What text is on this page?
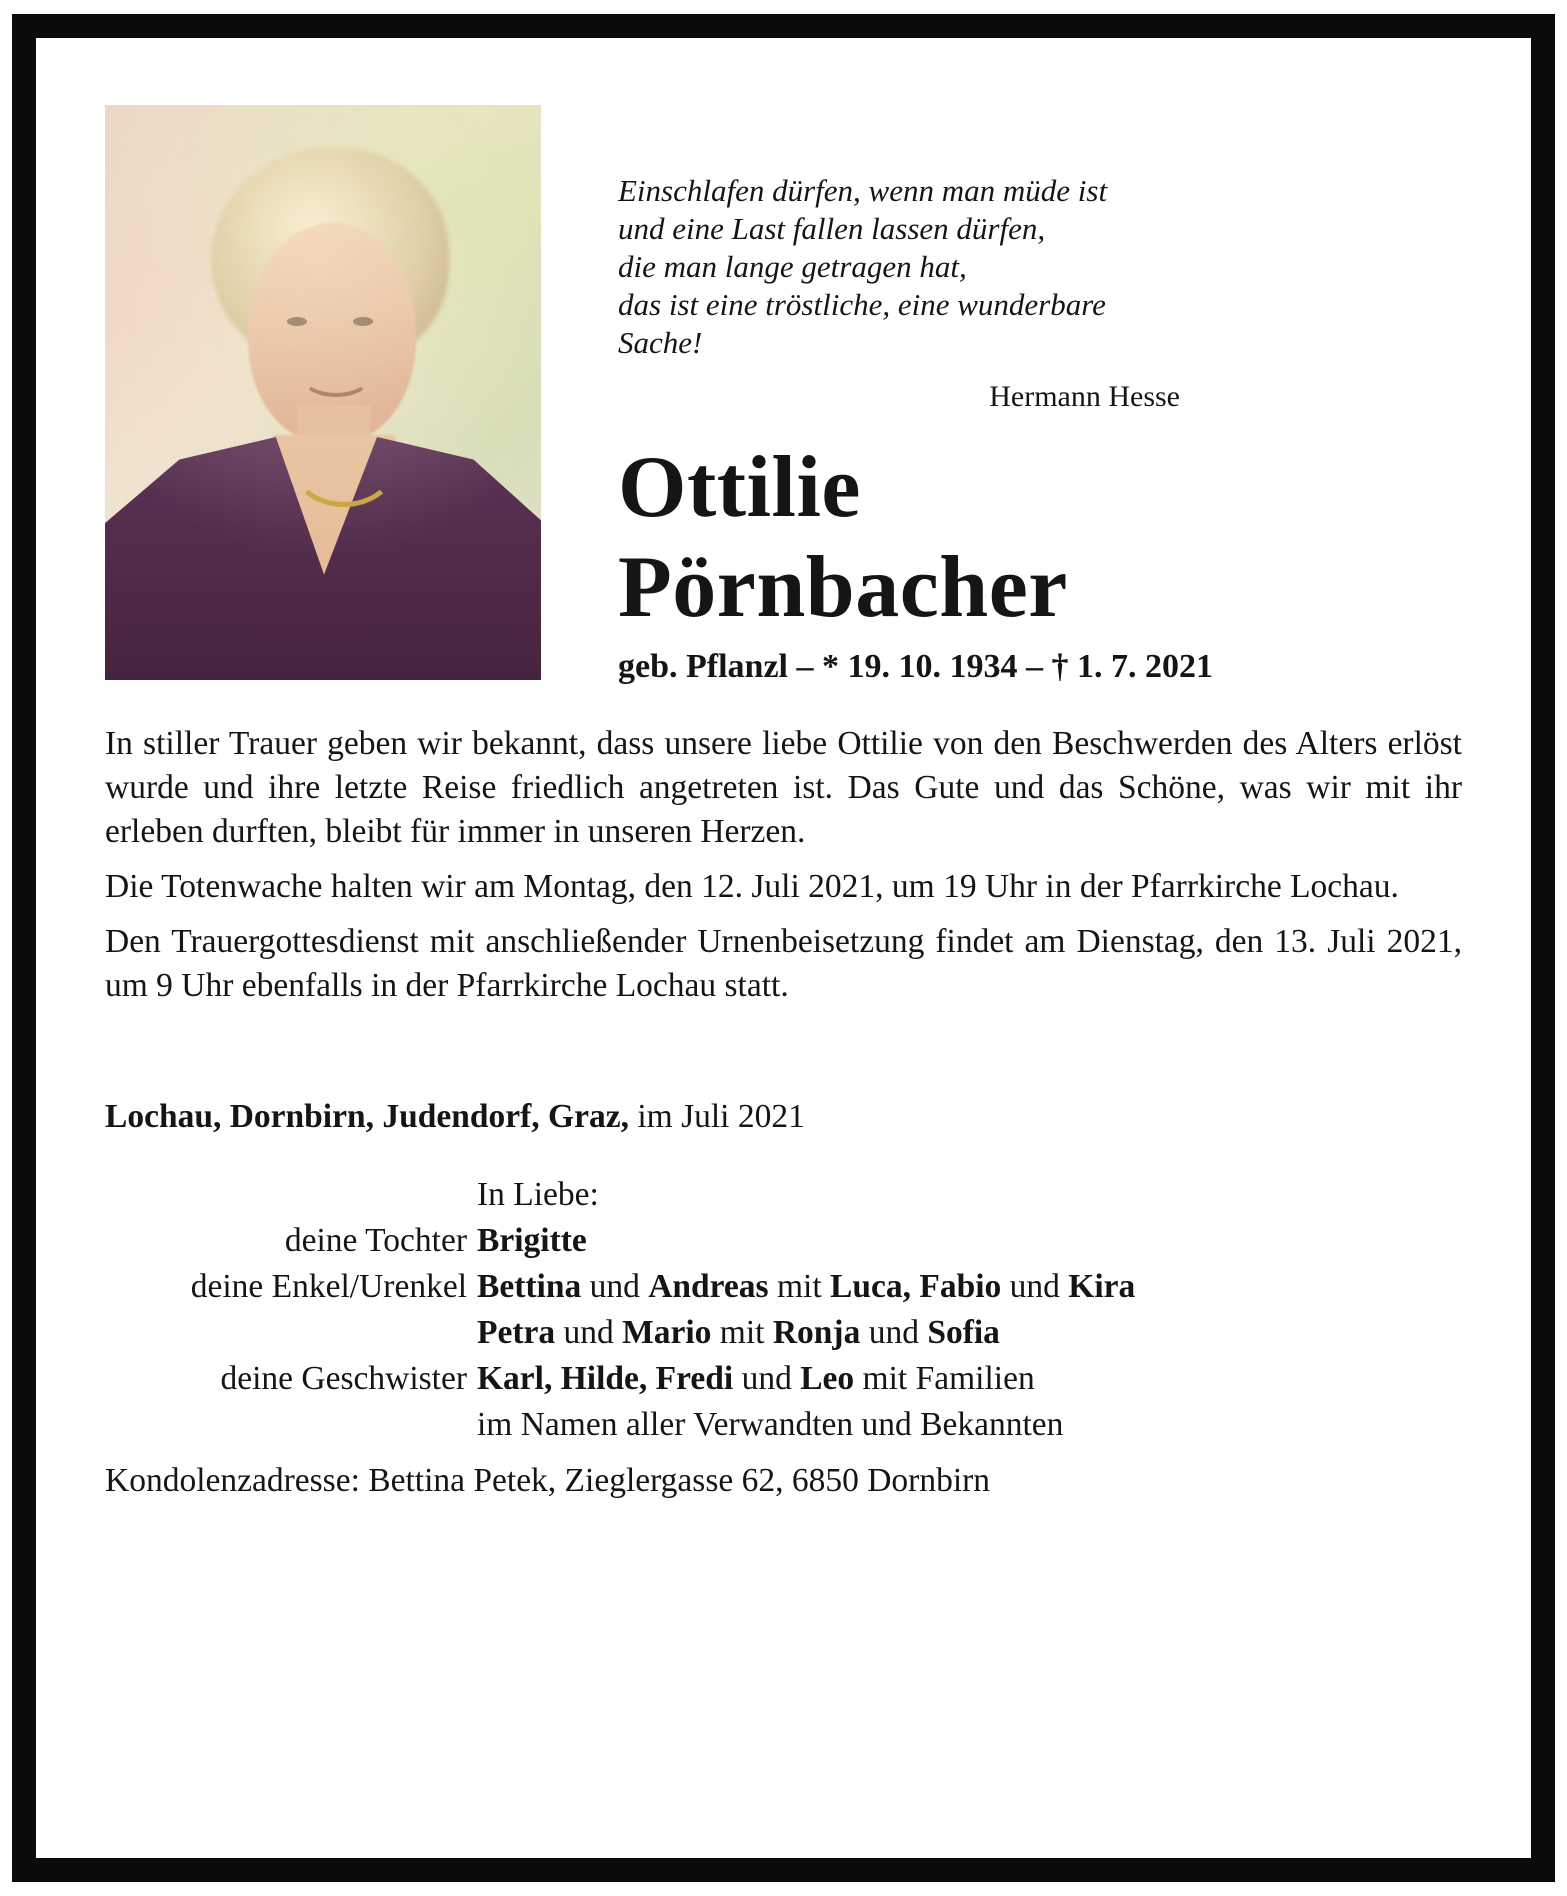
Einschlafen dürfen, wenn man müde ist
und eine Last fallen lassen dürfen,
die man lange getragen hat,
das ist eine tröstliche, eine wunderbare Sache!
Hermann Hesse
Ottilie
Pörnbacher
geb. Pflanzl – * 19. 10. 1934 – † 1. 7. 2021

In stiller Trauer geben wir bekannt, dass unsere liebe Ottilie von den Beschwerden des Alters erlöst wurde und ihre letzte Reise friedlich angetreten ist. Das Gute und das Schöne, was wir mit ihr erleben durften, bleibt für immer in unseren Herzen.

Die Totenwache halten wir am Montag, den 12. Juli 2021, um 19 Uhr in der Pfarrkirche Lochau.

Den Trauergottesdienst mit anschließender Urnenbeisetzung findet am Dienstag, den 13. Juli 2021, um 9 Uhr ebenfalls in der Pfarrkirche Lochau statt.

Lochau, Dornbirn, Judendorf, Graz, im Juli 2021
In Liebe:
deine Tochter Brigitte
deine Enkel/Urenkel Bettina und Andreas mit Luca, Fabio und Kira
Petra und Mario mit Ronja und Sofia
deine Geschwister Karl, Hilde, Fredi und Leo mit Familien
im Namen aller Verwandten und Bekannten
Kondolenzadresse: Bettina Petek, Zieglergasse 62, 6850 Dornbirn
